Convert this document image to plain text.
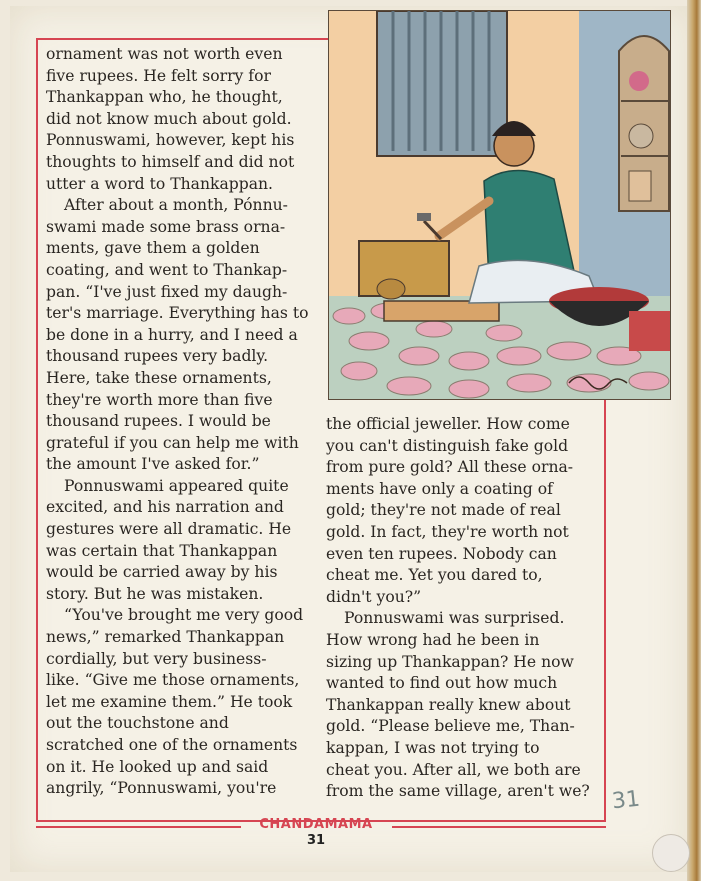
ornament was not worth even

five rupees. He felt sorry for

Thankappan who, he thought,

did not know much about gold.

Ponnuswami, however, kept his

thoughts to himself and did not

utter a word to Thankappan.

After about a month, Pónnu-

swami made some brass orna-

ments, gave them a golden

coating, and went to Thankap-

pan. “I've just fixed my daugh-

ter's marriage. Everything has to

be done in a hurry, and I need a

thousand rupees very badly.

Here, take these ornaments,

they're worth more than five

thousand rupees. I would be

grateful if you can help me with

the amount I've asked for.”

Ponnuswami appeared quite

excited, and his narration and

gestures were all dramatic. He

was certain that Thankappan

would be carried away by his

story. But he was mistaken.

“You've brought me very good

news,” remarked Thankappan

cordially, but very business-

like. “Give me those ornaments,

let me examine them.” He took

out the touchstone and

scratched one of the ornaments

on it. He looked up and said

angrily, “Ponnuswami, you're

the official jeweller. How come

you can't distinguish fake gold

from pure gold? All these orna-

ments have only a coating of

gold; they're not made of real

gold. In fact, they're worth not

even ten rupees. Nobody can

cheat me. Yet you dared to,

didn't you?”

Ponnuswami was surprised.

How wrong had he been in

sizing up Thankappan? He now

wanted to find out how much

Thankappan really knew about

gold. “Please believe me, Than-

kappan, I was not trying to

cheat you. After all, we both are

from the same village, aren't we?

CHANDAMAMA
31
31
